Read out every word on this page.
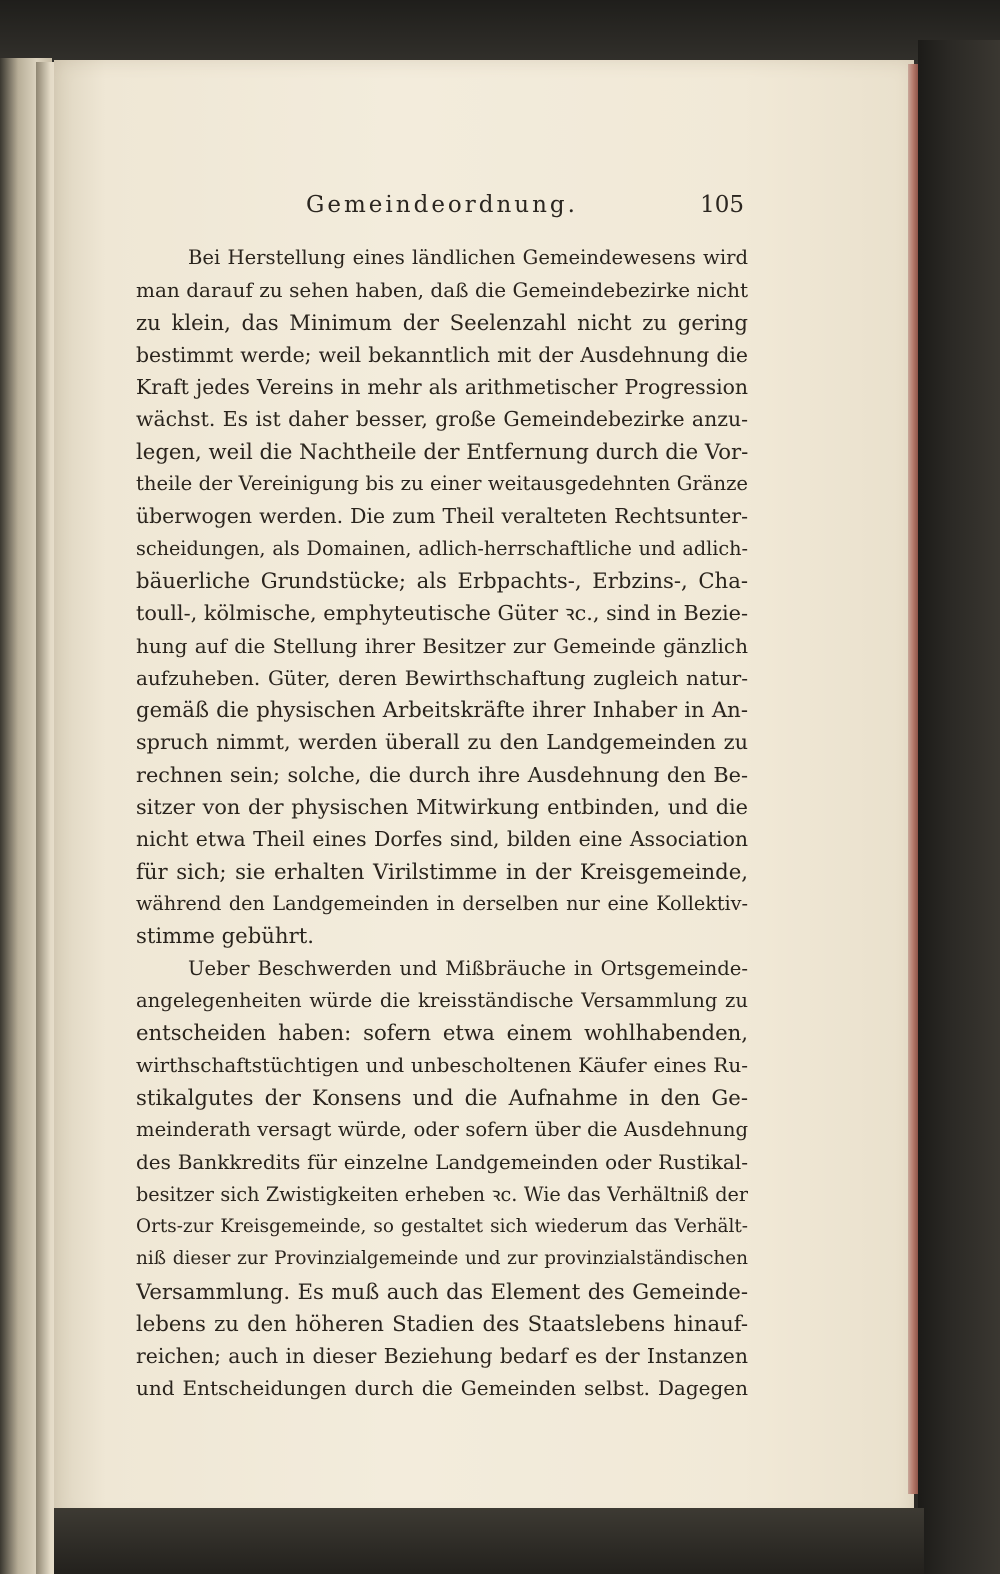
Gemeindeordnung.	105
Bei Herstellung eines ländlichen Gemeindewesens wird
man darauf zu sehen haben, daß die Gemeindebezirke nicht
zu klein, das Minimum der Seelenzahl nicht zu gering
bestimmt werde; weil bekanntlich mit der Ausdehnung die
Kraft jedes Vereins in mehr als arithmetischer Progression
wächst. Es ist daher besser, große Gemeindebezirke anzu-
legen, weil die Nachtheile der Entfernung durch die Vor-
theile der Vereinigung bis zu einer weitausgedehnten Gränze
überwogen werden. Die zum Theil veralteten Rechtsunter-
scheidungen, als Domainen, adlich-herrschaftliche und adlich-
bäuerliche Grundstücke; als Erbpachts-, Erbzins-, Cha-
toull-, kölmische, emphyteutische Güter ꝛc., sind in Bezie-
hung auf die Stellung ihrer Besitzer zur Gemeinde gänzlich
aufzuheben. Güter, deren Bewirthschaftung zugleich natur-
gemäß die physischen Arbeitskräfte ihrer Inhaber in An-
spruch nimmt, werden überall zu den Landgemeinden zu
rechnen sein; solche, die durch ihre Ausdehnung den Be-
sitzer von der physischen Mitwirkung entbinden, und die
nicht etwa Theil eines Dorfes sind, bilden eine Association
für sich; sie erhalten Virilstimme in der Kreisgemeinde,
während den Landgemeinden in derselben nur eine Kollektiv-
stimme gebührt.
Ueber Beschwerden und Mißbräuche in Ortsgemeinde-
angelegenheiten würde die kreisständische Versammlung zu
entscheiden haben: sofern etwa einem wohlhabenden,
wirthschaftstüchtigen und unbescholtenen Käufer eines Ru-
stikalgutes der Konsens und die Aufnahme in den Ge-
meinderath versagt würde, oder sofern über die Ausdehnung
des Bankkredits für einzelne Landgemeinden oder Rustikal-
besitzer sich Zwistigkeiten erheben ꝛc. Wie das Verhältniß der
Orts-zur Kreisgemeinde, so gestaltet sich wiederum das Verhält-
niß dieser zur Provinzialgemeinde und zur provinzialständischen
Versammlung. Es muß auch das Element des Gemeinde-
lebens zu den höheren Stadien des Staatslebens hinauf-
reichen; auch in dieser Beziehung bedarf es der Instanzen
und Entscheidungen durch die Gemeinden selbst. Dagegen
